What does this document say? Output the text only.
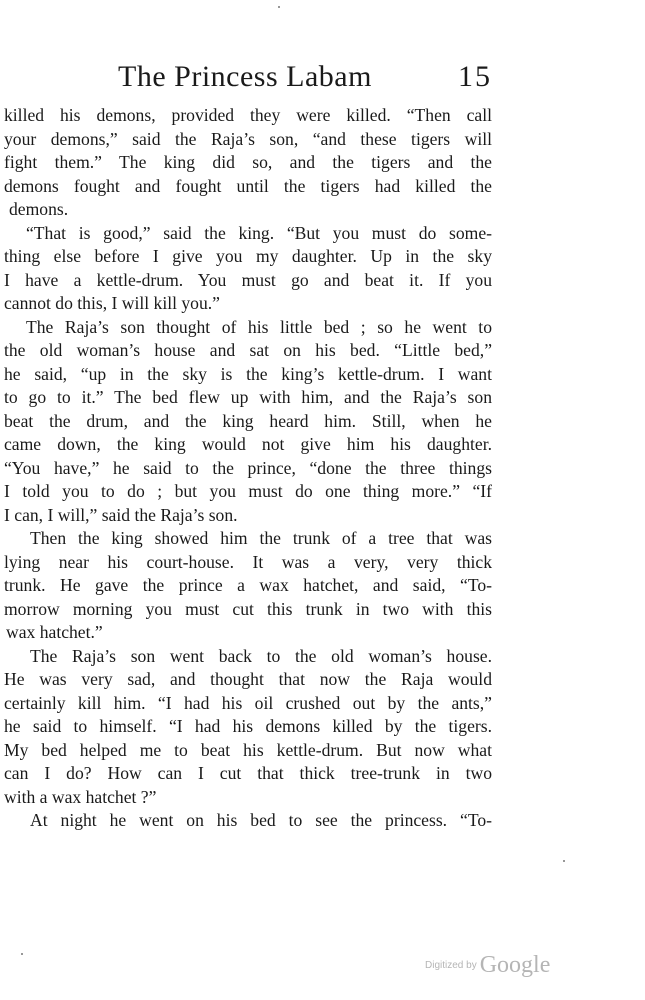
The Princess Labam	15
killed his demons, provided they were killed. “Then call
your demons,” said the Raja’s son, “and these tigers will
fight them.” The king did so, and the tigers and the
demons fought and fought until the tigers had killed the
demons.
“That is good,” said the king. “But you must do some-
thing else before I give you my daughter. Up in the sky
I have a kettle-drum. You must go and beat it. If you
cannot do this, I will kill you.”
The Raja’s son thought of his little bed ; so he went to
the old woman’s house and sat on his bed. “Little bed,”
he said, “up in the sky is the king’s kettle-drum. I want
to go to it.” The bed flew up with him, and the Raja’s son
beat the drum, and the king heard him. Still, when he
came down, the king would not give him his daughter.
“You have,” he said to the prince, “done the three things
I told you to do ; but you must do one thing more.” “If
I can, I will,” said the Raja’s son.
Then the king showed him the trunk of a tree that was
lying near his court-house. It was a very, very thick
trunk. He gave the prince a wax hatchet, and said, “To-
morrow morning you must cut this trunk in two with this
wax hatchet.”
The Raja’s son went back to the old woman’s house.
He was very sad, and thought that now the Raja would
certainly kill him. “I had his oil crushed out by the ants,”
he said to himself. “I had his demons killed by the tigers.
My bed helped me to beat his kettle-drum. But now what
can I do? How can I cut that thick tree-trunk in two
with a wax hatchet ?”
At night he went on his bed to see the princess. “To-
Digitized by Google
